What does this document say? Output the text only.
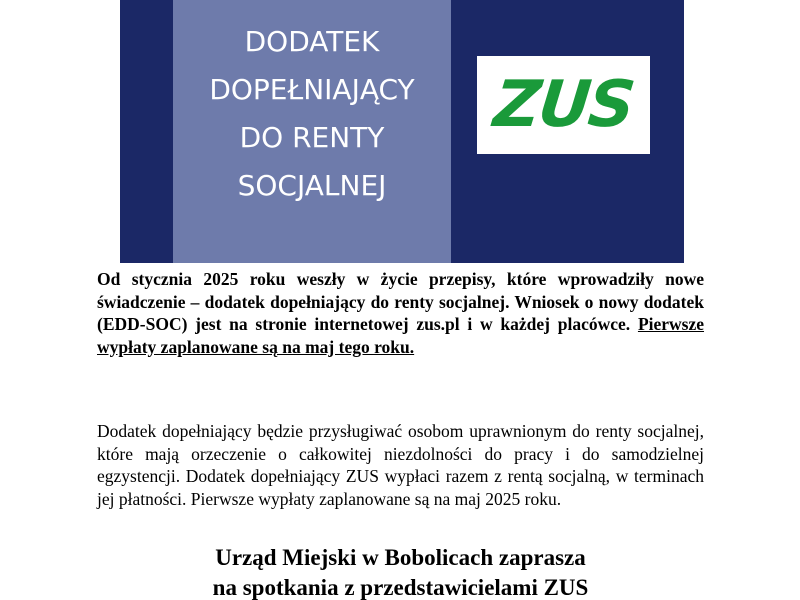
DODATEK
DOPEŁNIAJĄCY
DO RENTY
SOCJALNEJ
ZUS
Od stycznia 2025 roku weszły w życie przepisy, które wprowadziły nowe świadczenie – dodatek dopełniający do renty socjalnej. Wniosek o nowy dodatek (EDD-SOC) jest na stronie internetowej zus.pl i w każdej placówce. Pierwsze wypłaty zaplanowane są na maj tego roku.
Dodatek dopełniający będzie przysługiwać osobom uprawnionym do renty socjalnej, które mają orzeczenie o całkowitej niezdolności do pracy i do samodzielnej egzystencji. Dodatek dopełniający ZUS wypłaci razem z rentą socjalną, w terminach jej płatności. Pierwsze wypłaty zaplanowane są na maj 2025 roku.
Urząd Miejski w Bobolicach zaprasza
na spotkania z przedstawicielami ZUS
